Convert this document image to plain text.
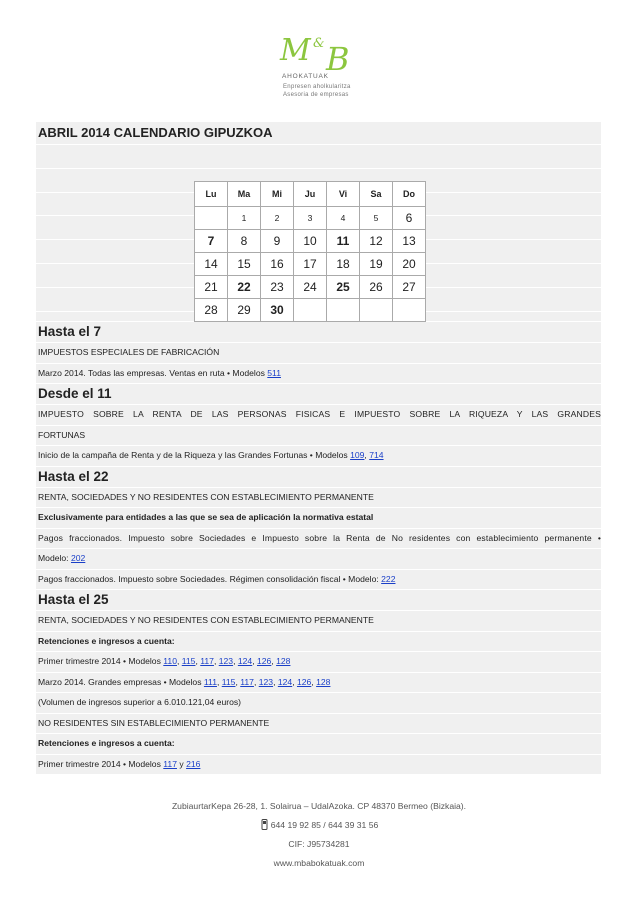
M & B
AHOKATUAK
Enpresen aholkularitza
Asesoria de empresas
ABRIL 2014 CALENDARIO GIPUZKOA
Lu	Ma	Mi	Ju	Vi	Sa	Do
	1	2	3	4	5	6
7	8	9	10	11	12	13
14	15	16	17	18	19	20
21	22	23	24	25	26	27
28	29	30				
Hasta el 7
IMPUESTOS ESPECIALES DE FABRICACIÓN
Marzo 2014. Todas las empresas. Ventas en ruta • Modelos 511
Desde el 11
IMPUESTO SOBRE LA RENTA DE LAS PERSONAS FISICAS E IMPUESTO SOBRE LA RIQUEZA Y LAS GRANDES
FORTUNAS
Inicio de la campaña de Renta y de la Riqueza y las Grandes Fortunas • Modelos 109, 714
Hasta el 22
RENTA, SOCIEDADES Y NO RESIDENTES CON ESTABLECIMIENTO PERMANENTE
Exclusivamente para entidades a las que se sea de aplicación la normativa estatal
Pagos fraccionados. Impuesto sobre Sociedades e Impuesto sobre la Renta de No residentes con establecimiento permanente •
Modelo: 202
Pagos fraccionados. Impuesto sobre Sociedades. Régimen consolidación fiscal • Modelo: 222
Hasta el 25
RENTA, SOCIEDADES Y NO RESIDENTES CON ESTABLECIMIENTO PERMANENTE
Retenciones e ingresos a cuenta:
Primer trimestre 2014 • Modelos 110, 115, 117, 123, 124, 126, 128
Marzo 2014. Grandes empresas • Modelos 111, 115, 117, 123, 124, 126, 128
(Volumen de ingresos superior a 6.010.121,04 euros)
NO RESIDENTES SIN ESTABLECIMIENTO PERMANENTE
Retenciones e ingresos a cuenta:
Primer trimestre 2014 • Modelos 117 y 216
ZubiaurtarKepa 26-28, 1. Solairua – UdalAzoka. CP 48370 Bermeo (Bizkaia).
644 19 92 85 / 644 39 31 56
CIF: J95734281
www.mbabokatuak.com
